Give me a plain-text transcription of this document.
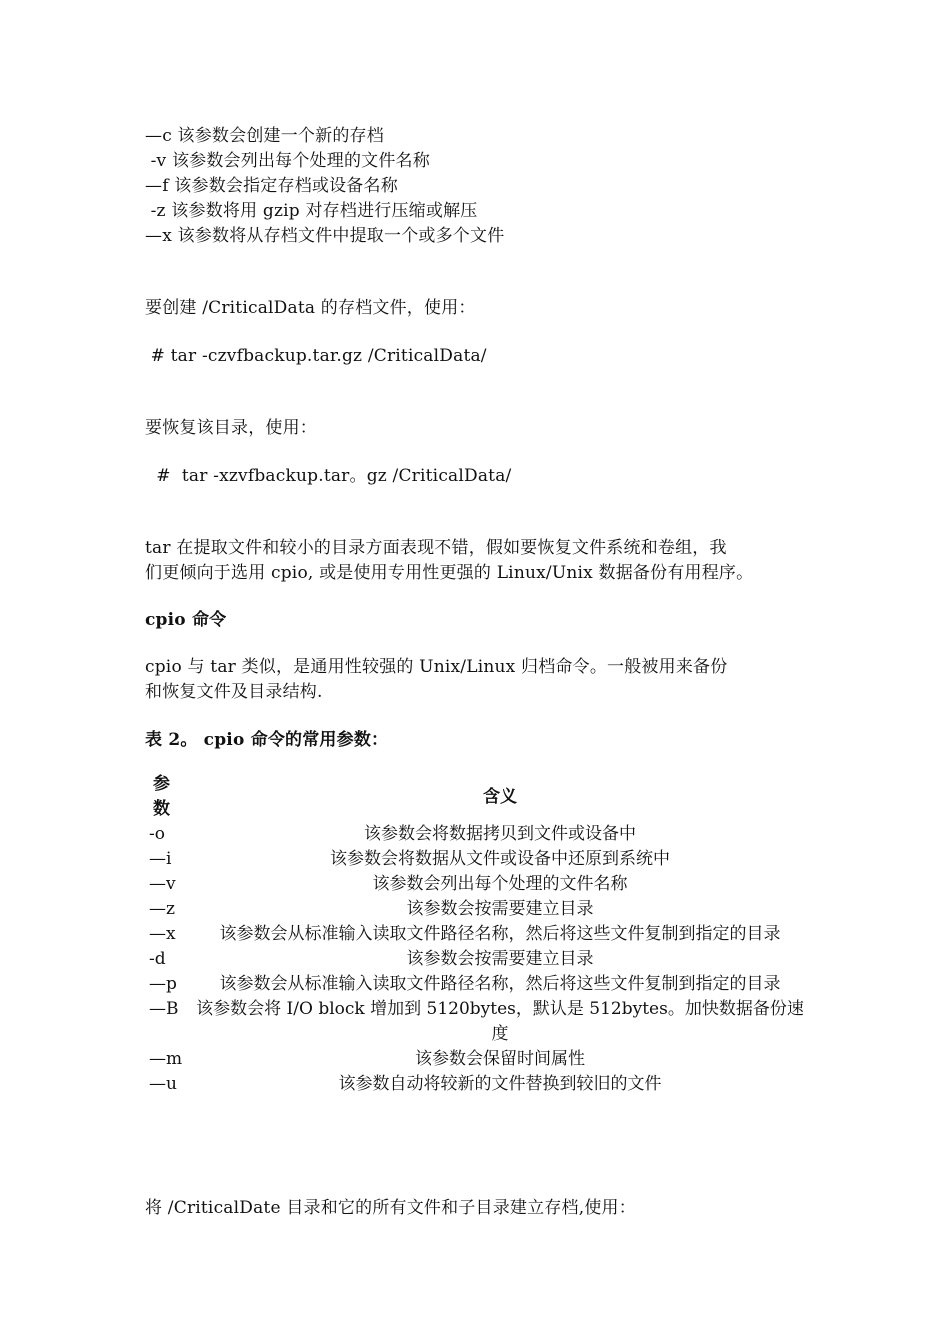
—c 该参数会创建一个新的存档
-v 该参数会列出每个处理的文件名称
—f 该参数会指定存档或设备名称
-z 该参数将用 gzip 对存档进行压缩或解压
—x 该参数将从存档文件中提取一个或多个文件
要创建 /CriticalData 的存档文件，使用：
# tar -czvfbackup.tar.gz /CriticalData/
要恢复该目录，使用：
#  tar -xzvfbackup.tar。gz /CriticalData/
tar 在提取文件和较小的目录方面表现不错，假如要恢复文件系统和卷组，我
们更倾向于选用 cpio, 或是使用专用性更强的 Linux/Unix 数据备份有用程序。
cpio 命令
cpio 与 tar 类似，是通用性较强的 Unix/Linux 归档命令。一般被用来备份
和恢复文件及目录结构.
表 2。 cpio 命令的常用参数：
参
数	含义
-o	该参数会将数据拷贝到文件或设备中
—i	该参数会将数据从文件或设备中还原到系统中
—v	该参数会列出每个处理的文件名称
—z	该参数会按需要建立目录
—x	该参数会从标准输入读取文件路径名称，然后将这些文件复制到指定的目录
-d	该参数会按需要建立目录
—p	该参数会从标准输入读取文件路径名称，然后将这些文件复制到指定的目录
—B	该参数会将 I/O block 增加到 5120bytes，默认是 512bytes。加快数据备份速度
—m	该参数会保留时间属性
—u	该参数自动将较新的文件替换到较旧的文件
将 /CriticalDate 目录和它的所有文件和子目录建立存档,使用：
